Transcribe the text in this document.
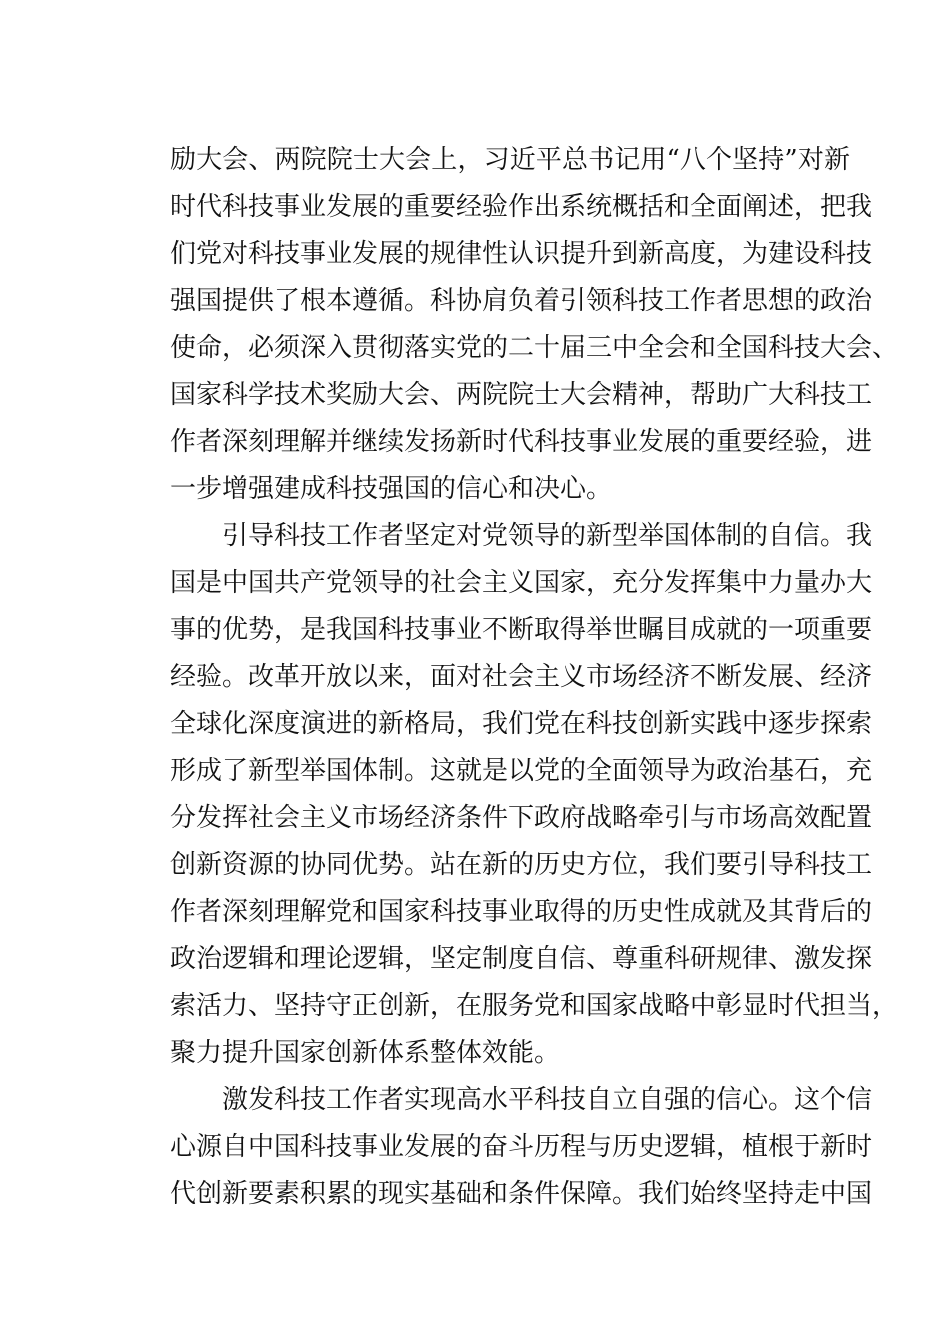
励大会、两院院士大会上，习近平总书记用“八个坚持”对新
时代科技事业发展的重要经验作出系统概括和全面阐述，把我
们党对科技事业发展的规律性认识提升到新高度，为建设科技
强国提供了根本遵循。科协肩负着引领科技工作者思想的政治
使命，必须深入贯彻落实党的二十届三中全会和全国科技大会、
国家科学技术奖励大会、两院院士大会精神，帮助广大科技工
作者深刻理解并继续发扬新时代科技事业发展的重要经验，进
一步增强建成科技强国的信心和决心。
引导科技工作者坚定对党领导的新型举国体制的自信。我
国是中国共产党领导的社会主义国家，充分发挥集中力量办大
事的优势，是我国科技事业不断取得举世瞩目成就的一项重要
经验。改革开放以来，面对社会主义市场经济不断发展、经济
全球化深度演进的新格局，我们党在科技创新实践中逐步探索
形成了新型举国体制。这就是以党的全面领导为政治基石，充
分发挥社会主义市场经济条件下政府战略牵引与市场高效配置
创新资源的协同优势。站在新的历史方位，我们要引导科技工
作者深刻理解党和国家科技事业取得的历史性成就及其背后的
政治逻辑和理论逻辑，坚定制度自信、尊重科研规律、激发探
索活力、坚持守正创新，在服务党和国家战略中彰显时代担当，
聚力提升国家创新体系整体效能。
激发科技工作者实现高水平科技自立自强的信心。这个信
心源自中国科技事业发展的奋斗历程与历史逻辑，植根于新时
代创新要素积累的现实基础和条件保障。我们始终坚持走中国
